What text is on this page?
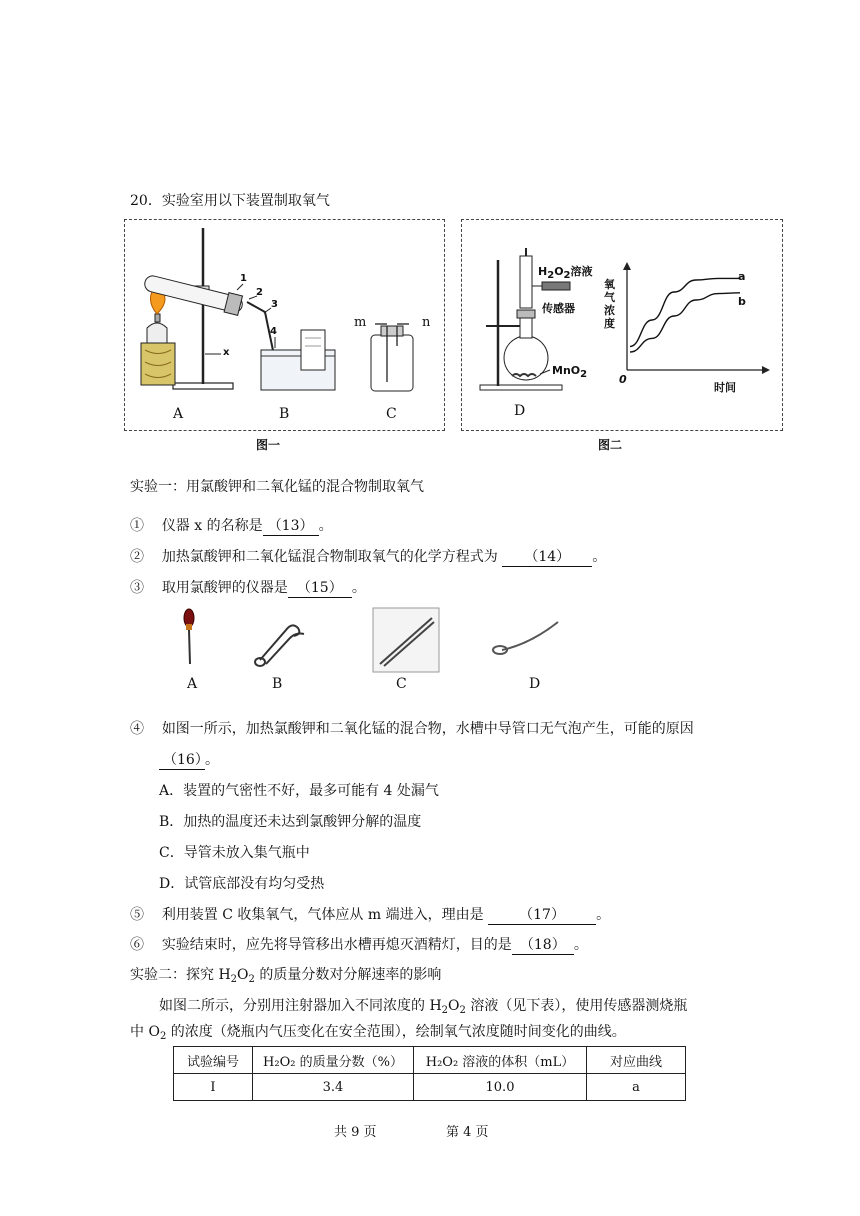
20．实验室用以下装置制取氧气
1
2
3
4
x
m	n
A	B	C
图一
H2O2溶液
传感器
MnO2
D
氧
气
浓
度
时间
0
a
b
图二
实验一：用氯酸钾和二氧化锰的混合物制取氧气
① 仪器 x 的名称是 （13） 。
② 加热氯酸钾和二氧化锰混合物制取氧气的化学方程式为 （14） 。
③ 取用氯酸钾的仪器是 （15） 。
A	B	C	D
④ 如图一所示，加热氯酸钾和二氧化锰的混合物，水槽中导管口无气泡产生，可能的原因
（16）。
A．装置的气密性不好，最多可能有 4 处漏气
B．加热的温度还未达到氯酸钾分解的温度
C．导管未放入集气瓶中
D．试管底部没有均匀受热
⑤ 利用装置 C 收集氧气，气体应从 m 端进入，理由是 （17） 。
⑥ 实验结束时，应先将导管移出水槽再熄灭酒精灯，目的是 （18） 。
实验二：探究 $H_2O_2$ 的质量分数对分解速率的影响
如图二所示，分别用注射器加入不同浓度的 $H_2O_2$ 溶液（见下表），使用传感器测烧瓶
中 $O_2$ 的浓度（烧瓶内气压变化在安全范围），绘制氧气浓度随时间变化的曲线。
试验编号	H₂O₂ 的质量分数（%）	H₂O₂ 溶液的体积（mL）	对应曲线
I	3.4	10.0	a
共 9 页	第 4 页
